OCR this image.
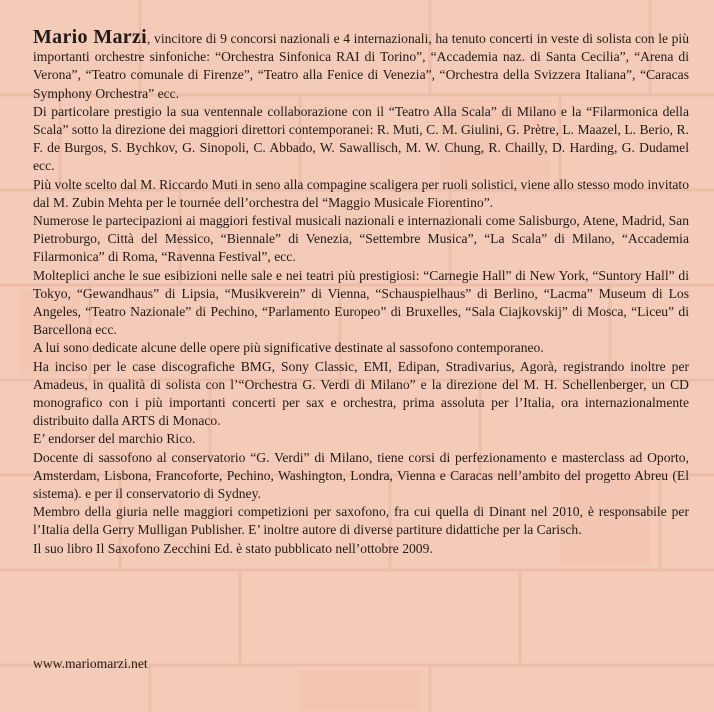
Mario Marzi, vincitore di 9 concorsi nazionali e 4 internazionali, ha tenuto concerti in veste di solista con le più importanti orchestre sinfoniche: “Orchestra Sinfonica RAI di Torino”, “Accademia naz. di Santa Cecilia”, “Arena di Verona”, “Teatro comunale di Firenze”, “Teatro alla Fenice di Venezia”, “Orchestra della Svizzera Italiana”, “Caracas Symphony Orchestra” ecc.

Di particolare prestigio la sua ventennale collaborazione con il “Teatro Alla Scala” di Milano e la “Filarmonica della Scala” sotto la direzione dei maggiori direttori contemporanei: R. Muti, C. M. Giulini, G. Prètre, L. Maazel, L. Berio, R. F. de Burgos, S. Bychkov, G. Sinopoli, C. Abbado, W. Sawallisch, M. W. Chung, R. Chailly, D. Harding, G. Dudamel ecc.

Più volte scelto dal M. Riccardo Muti in seno alla compagine scaligera per ruoli solistici, viene allo stesso modo invitato dal M. Zubin Mehta per le tournée dell’orchestra del “Maggio Musicale Fiorentino”.

Numerose le partecipazioni ai maggiori festival musicali nazionali e internazionali come Salisburgo, Atene, Madrid, San Pietroburgo, Città del Messico, “Biennale” di Venezia, “Settembre Musica”, “La Scala” di Milano, “Accademia Filarmonica” di Roma, “Ravenna Festival”, ecc.

Molteplici anche le sue esibizioni nelle sale e nei teatri più prestigiosi: “Carnegie Hall” di New York, “Suntory Hall” di Tokyo, “Gewandhaus” di Lipsia, “Musikverein” di Vienna, “Schauspielhaus” di Berlino, “Lacma” Museum di Los Angeles, “Teatro Nazionale” di Pechino, “Parlamento Europeo” di Bruxelles, “Sala Ciajkovskij” di Mosca, “Liceu” di Barcellona ecc.

A lui sono dedicate alcune delle opere più significative destinate al sassofono contemporaneo.

Ha inciso per le case discografiche BMG, Sony Classic, EMI, Edipan, Stradivarius, Agorà, registrando inoltre per Amadeus, in qualità di solista con l’“Orchestra G. Verdi di Milano” e la direzione del M. H. Schellenberger, un CD monografico con i più importanti concerti per sax e orchestra, prima assoluta per l’Italia, ora internazionalmente distribuito dalla ARTS di Monaco.

E’ endorser del marchio Rico.

Docente di sassofono al conservatorio “G. Verdi” di Milano, tiene corsi di perfezionamento e masterclass ad Oporto, Amsterdam, Lisbona, Francoforte, Pechino, Washington, Londra, Vienna e Caracas nell’ambito del progetto Abreu (El sistema). e per il conservatorio di Sydney.

Membro della giuria nelle maggiori competizioni per saxofono, fra cui quella di Dinant nel 2010, è responsabile per l’Italia della Gerry Mulligan Publisher. E’ inoltre autore di diverse partiture didattiche per la Carisch.

Il suo libro Il Saxofono Zecchini Ed. è stato pubblicato nell’ottobre 2009.

www.mariomarzi.net
